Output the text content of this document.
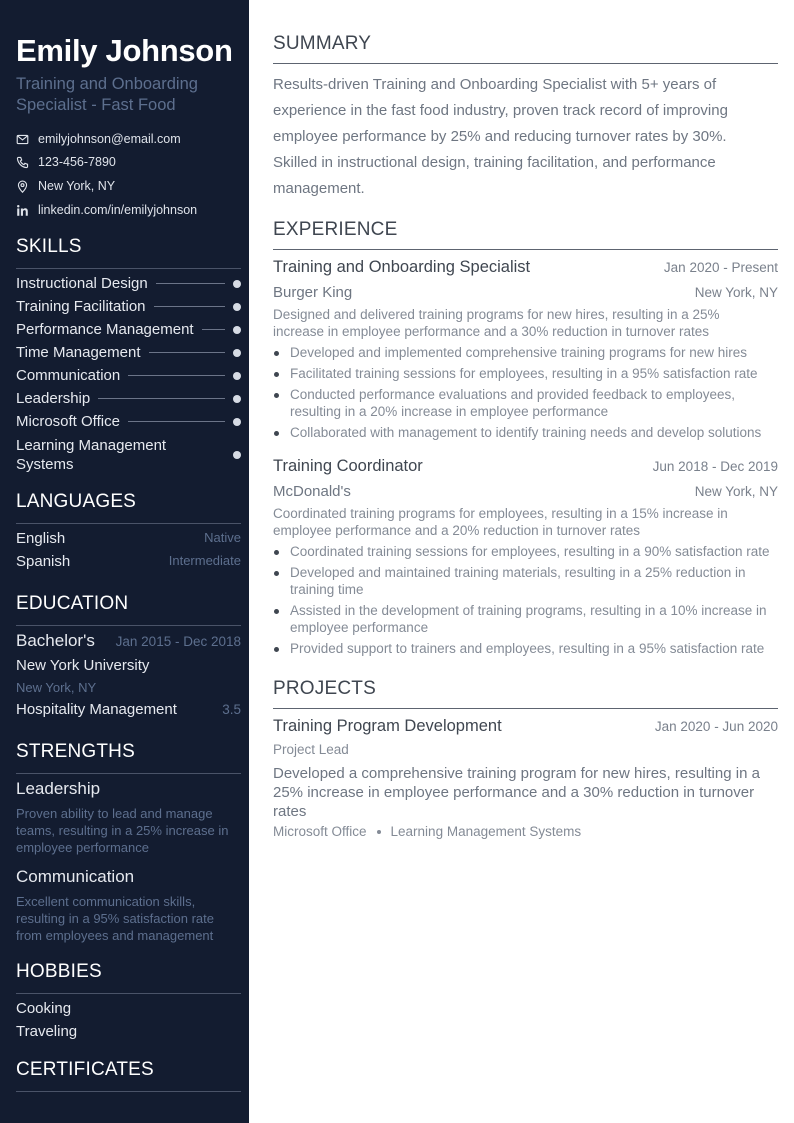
Emily Johnson
Training and Onboarding Specialist - Fast Food
emilyjohnson@email.com
123-456-7890
New York, NY
linkedin.com/in/emilyjohnson
SKILLS
Instructional Design
Training Facilitation
Performance Management
Time Management
Communication
Leadership
Microsoft Office
Learning Management Systems
LANGUAGES
English	Native
Spanish	Intermediate
EDUCATION
Bachelor's Jan 2015 - Dec 2018
New York University
New York, NY
Hospitality Management	3.5
STRENGTHS
Leadership
Proven ability to lead and manage teams, resulting in a 25% increase in employee performance
Communication
Excellent communication skills, resulting in a 95% satisfaction rate from employees and management
HOBBIES
Cooking
Traveling
CERTIFICATES
SUMMARY
Results-driven Training and Onboarding Specialist with 5+ years of experience in the fast food industry, proven track record of improving employee performance by 25% and reducing turnover rates by 30%. Skilled in instructional design, training facilitation, and performance management.
EXPERIENCE
Training and Onboarding Specialist	Jan 2020 - Present
Burger King	New York, NY
Designed and delivered training programs for new hires, resulting in a 25% increase in employee performance and a 30% reduction in turnover rates
Developed and implemented comprehensive training programs for new hires
Facilitated training sessions for employees, resulting in a 95% satisfaction rate
Conducted performance evaluations and provided feedback to employees, resulting in a 20% increase in employee performance
Collaborated with management to identify training needs and develop solutions
Training Coordinator	Jun 2018 - Dec 2019
McDonald's	New York, NY
Coordinated training programs for employees, resulting in a 15% increase in employee performance and a 20% reduction in turnover rates
Coordinated training sessions for employees, resulting in a 90% satisfaction rate
Developed and maintained training materials, resulting in a 25% reduction in training time
Assisted in the development of training programs, resulting in a 10% increase in employee performance
Provided support to trainers and employees, resulting in a 95% satisfaction rate
PROJECTS
Training Program Development	Jan 2020 - Jun 2020
Project Lead
Developed a comprehensive training program for new hires, resulting in a 25% increase in employee performance and a 30% reduction in turnover rates
Microsoft Office Learning Management Systems
